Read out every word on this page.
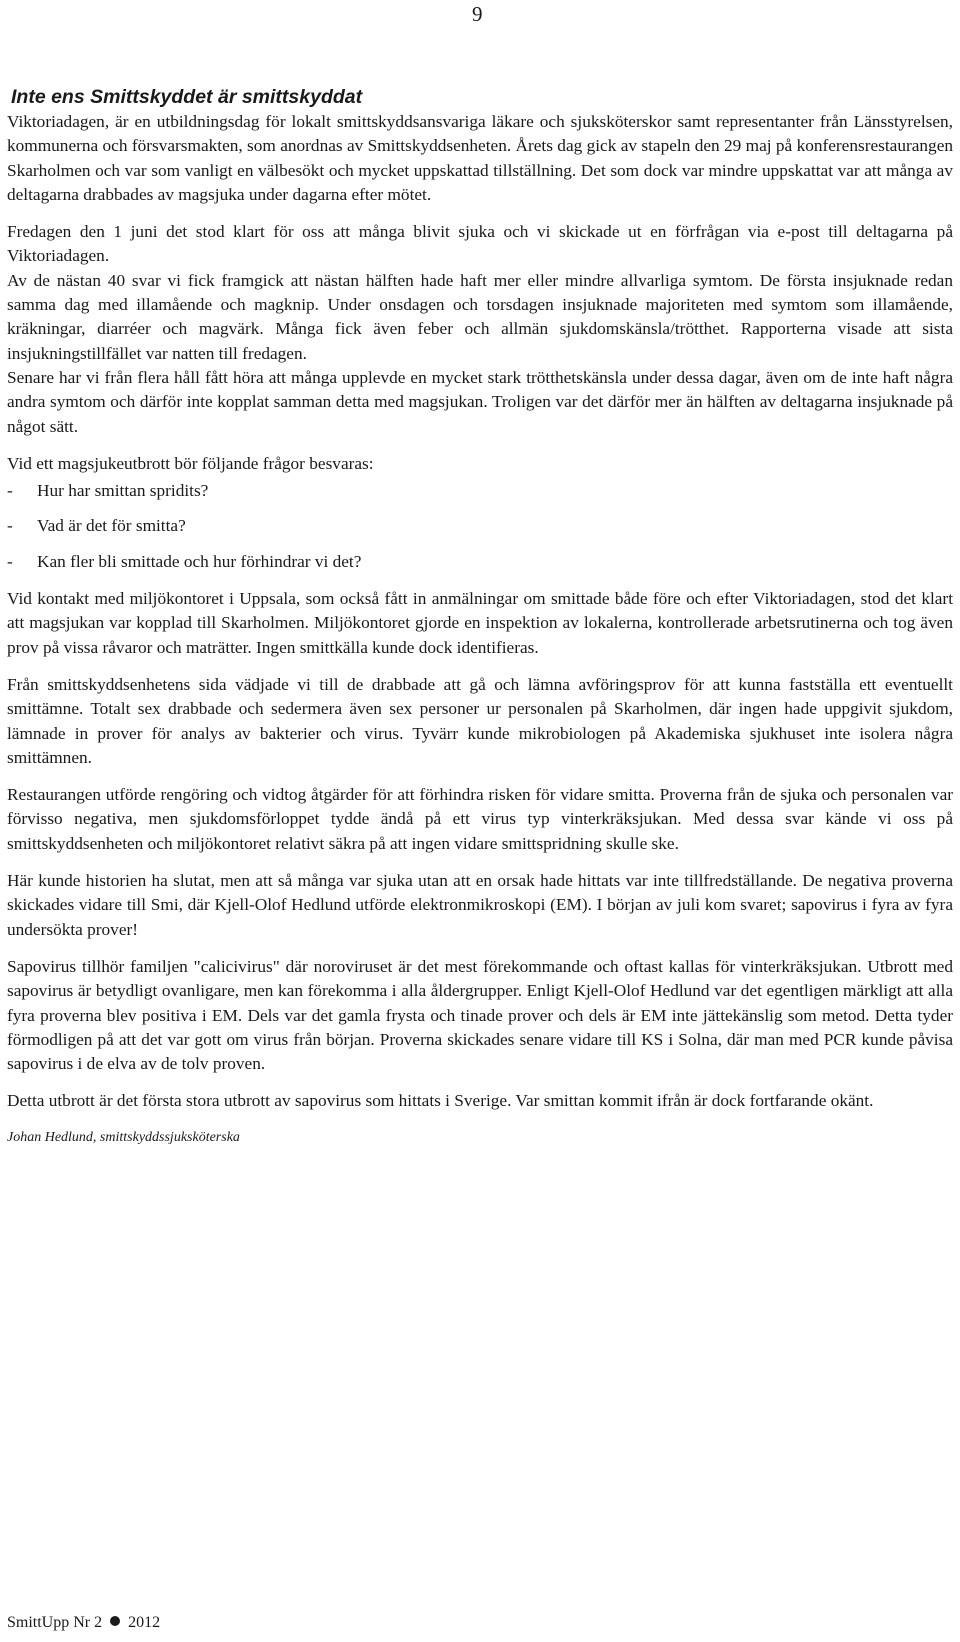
9
Inte ens Smittskyddet är smittskyddat

Viktoriadagen, är en utbildningsdag för lokalt smittskyddsansvariga läkare och sjuksköterskor samt representanter från Länsstyrelsen, kommunerna och försvarsmakten, som anordnas av Smittskyddsenheten. Årets dag gick av stapeln den 29 maj på konferensrestaurangen Skarholmen och var som vanligt en välbesökt och mycket uppskattad tillställning. Det som dock var mindre uppskattat var att många av deltagarna drabbades av magsjuka under dagarna efter mötet.

Fredagen den 1 juni det stod klart för oss att många blivit sjuka och vi skickade ut en förfrågan via e-post till deltagarna på Viktoriadagen.

Av de nästan 40 svar vi fick framgick att nästan hälften hade haft mer eller mindre allvarliga symtom. De första insjuknade redan samma dag med illamående och magknip. Under onsdagen och torsdagen insjuknade majoriteten med symtom som illamående, kräkningar, diarréer och magvärk. Många fick även feber och allmän sjukdomskänsla/trötthet. Rapporterna visade att sista insjukningstillfället var natten till fredagen.

Senare har vi från flera håll fått höra att många upplevde en mycket stark trötthetskänsla under dessa dagar, även om de inte haft några andra symtom och därför inte kopplat samman detta med magsjukan. Troligen var det därför mer än hälften av deltagarna insjuknade på något sätt.

Vid ett magsjukeutbrott bör följande frågor besvaras:

-	Hur har smittan spridits?
-	Vad är det för smitta?
-	Kan fler bli smittade och hur förhindrar vi det?

Vid kontakt med miljökontoret i Uppsala, som också fått in anmälningar om smittade både före och efter Viktoriadagen, stod det klart att magsjukan var kopplad till Skarholmen. Miljökontoret gjorde en inspektion av lokalerna, kontrollerade arbetsrutinerna och tog även prov på vissa råvaror och maträtter. Ingen smittkälla kunde dock identifieras.

Från smittskyddsenhetens sida vädjade vi till de drabbade att gå och lämna avföringsprov för att kunna fastställa ett eventuellt smittämne. Totalt sex drabbade och sedermera även sex personer ur personalen på Skarholmen, där ingen hade uppgivit sjukdom, lämnade in prover för analys av bakterier och virus. Tyvärr kunde mikrobiologen på Akademiska sjukhuset inte isolera några smittämnen.

Restaurangen utförde rengöring och vidtog åtgärder för att förhindra risken för vidare smitta. Proverna från de sjuka och personalen var förvisso negativa, men sjukdomsförloppet tydde ändå på ett virus typ vinterkräksjukan. Med dessa svar kände vi oss på smittskyddsenheten och miljökontoret relativt säkra på att ingen vidare smittspridning skulle ske.

Här kunde historien ha slutat, men att så många var sjuka utan att en orsak hade hittats var inte tillfredställande. De negativa proverna skickades vidare till Smi, där Kjell-Olof Hedlund utförde elektronmikroskopi (EM). I början av juli kom svaret; sapovirus i fyra av fyra undersökta prover!

Sapovirus tillhör familjen "calicivirus" där noroviruset är det mest förekommande och oftast kallas för vinterkräksjukan. Utbrott med sapovirus är betydligt ovanligare, men kan förekomma i alla åldergrupper. Enligt Kjell-Olof Hedlund var det egentligen märkligt att alla fyra proverna blev positiva i EM. Dels var det gamla frysta och tinade prover och dels är EM inte jättekänslig som metod. Detta tyder förmodligen på att det var gott om virus från början. Proverna skickades senare vidare till KS i Solna, där man med PCR kunde påvisa sapovirus i de elva av de tolv proven.

Detta utbrott är det första stora utbrott av sapovirus som hittats i Sverige. Var smittan kommit ifrån är dock fortfarande okänt.

Johan Hedlund, smittskyddssjuksköterska

SmittUpp Nr 2 2012
